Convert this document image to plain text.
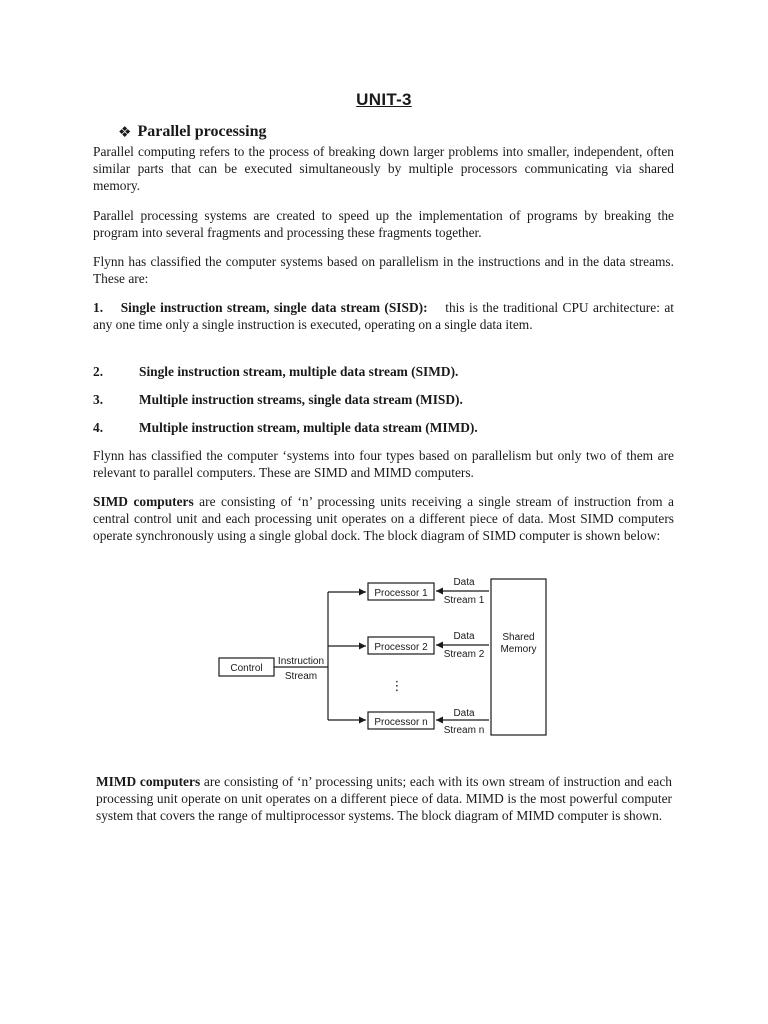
UNIT-3
❖ Parallel processing

Parallel computing refers to the process of breaking down larger problems into smaller, independent, often similar parts that can be executed simultaneously by multiple processors communicating via shared memory.

Parallel processing systems are created to speed up the implementation of programs by breaking the program into several fragments and processing these fragments together.

Flynn has classified the computer systems based on parallelism in the instructions and in the data streams. These are:

1. Single instruction stream, single data stream (SISD): this is the traditional CPU architecture: at any one time only a single instruction is executed, operating on a single data item.

2.	Single instruction stream, multiple data stream (SIMD).

3.	Multiple instruction streams, single data stream (MISD).

4.	Multiple instruction stream, multiple data stream (MIMD).

Flynn has classified the computer ‘systems into four types based on parallelism but only two of them are relevant to parallel computers. These are SIMD and MIMD computers.

SIMD computers are consisting of ‘n’ processing units receiving a single stream of instruction from a central control unit and each processing unit operates on a different piece of data. Most SIMD computers operate synchronously using a single global dock. The block diagram of SIMD computer is shown below:

Control
Instruction
Stream
Processor 1
Processor 2
Processor n
⋮
Data
Stream 1
Data
Stream 2
Data
Stream n
Shared
Memory

MIMD computers are consisting of ‘n’ processing units; each with its own stream of instruction and each processing unit operate on unit operates on a different piece of data. MIMD is the most powerful computer system that covers the range of multiprocessor systems. The block diagram of MIMD computer is shown.
